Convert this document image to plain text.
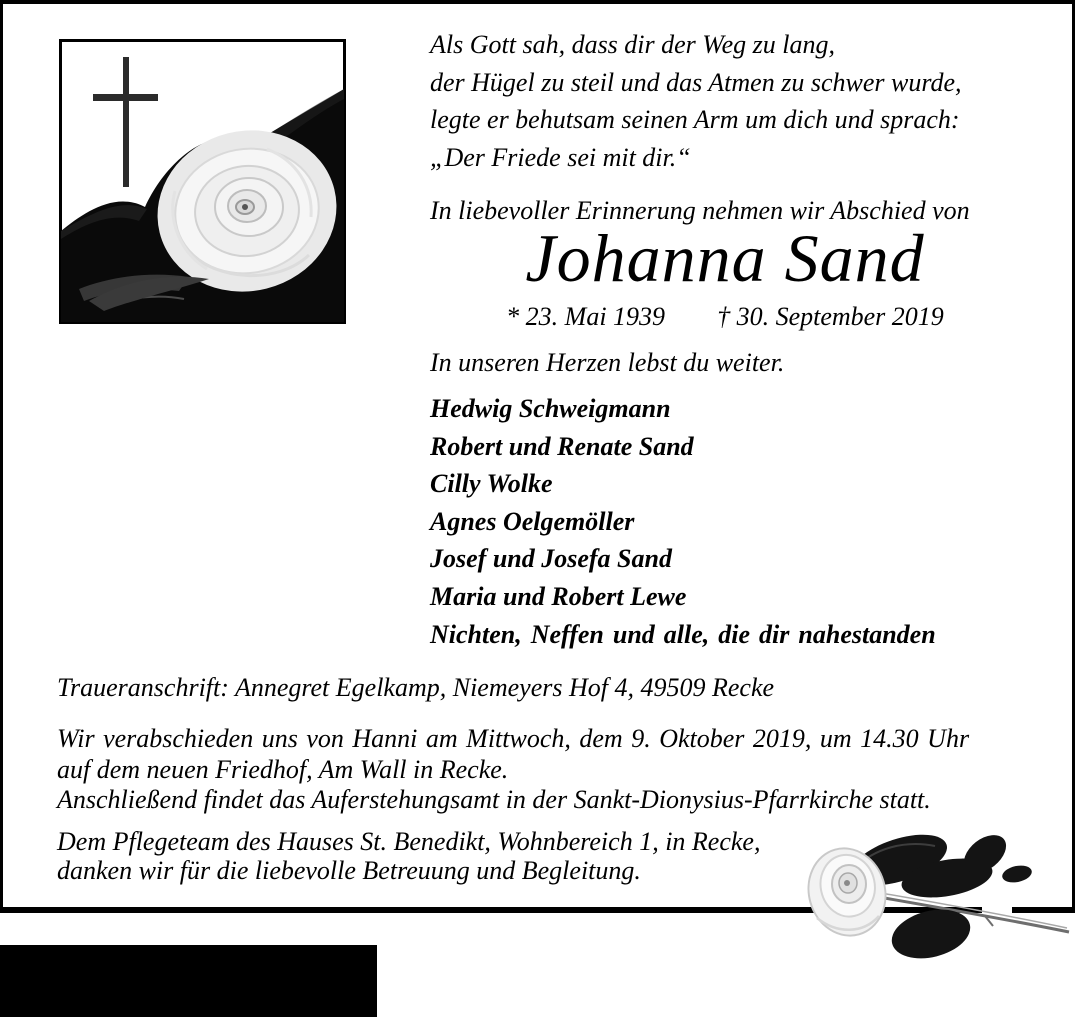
Als Gott sah, dass dir der Weg zu lang,
der Hügel zu steil und das Atmen zu schwer wurde,
legte er behutsam seinen Arm um dich und sprach:
„Der Friede sei mit dir.“
In liebevoller Erinnerung nehmen wir Abschied von
Johanna Sand
* 23. Mai 1939 † 30. September 2019
In unseren Herzen lebst du weiter.
Hedwig Schweigmann
Robert und Renate Sand
Cilly Wolke
Agnes Oelgemöller
Josef und Josefa Sand
Maria und Robert Lewe
Nichten, Neffen und alle, die dir nahestanden
Traueranschrift: Annegret Egelkamp, Niemeyers Hof 4, 49509 Recke
Wir verabschieden uns von Hanni am Mittwoch, dem 9. Oktober 2019, um 14.30 Uhr
auf dem neuen Friedhof, Am Wall in Recke.
Anschließend findet das Auferstehungsamt in der Sankt-Dionysius-Pfarrkirche statt.
Dem Pflegeteam des Hauses St. Benedikt, Wohnbereich 1, in Recke,
danken wir für die liebevolle Betreuung und Begleitung.
